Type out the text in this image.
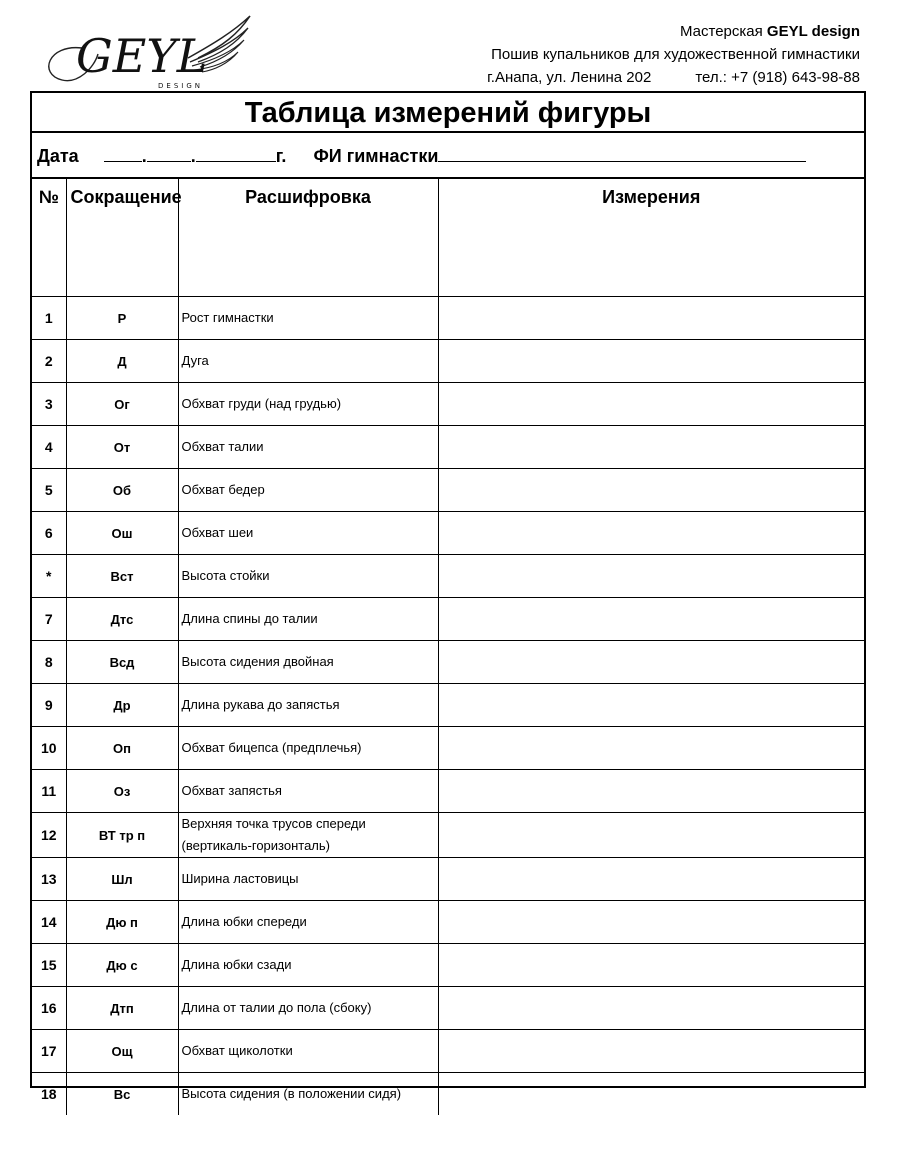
GEYL
DESIGN
Мастерская GEYL design
Пошив купальников для художественной гимнастики
г.Анапа, ул. Ленина 202	тел.: +7 (918) 643-98-88
Таблица измерений фигуры
Дата	. .	г. ФИ гимнастки
№	Сокращение	Расшифровка	Измерения
1	Р	Рост гимнастки	
2	Д	Дуга	
3	Ог	Обхват груди (над грудью)	
4	От	Обхват талии	
5	Об	Обхват бедер	
6	Ош	Обхват шеи	
*	Вст	Высота стойки	
7	Дтс	Длина спины до талии	
8	Всд	Высота сидения двойная	
9	Др	Длина рукава до запястья	
10	Оп	Обхват бицепса (предплечья)	
11	Оз	Обхват запястья	
12	ВТ тр п	Верхняя точка трусов спереди (вертикаль-горизонталь)	
13	Шл	Ширина ластовицы	
14	Дю п	Длина юбки спереди	
15	Дю с	Длина юбки сзади	
16	Дтп	Длина от талии до пола (сбоку)	
17	Ощ	Обхват щиколотки	
18	Вс	Высота сидения (в положении сидя)	
